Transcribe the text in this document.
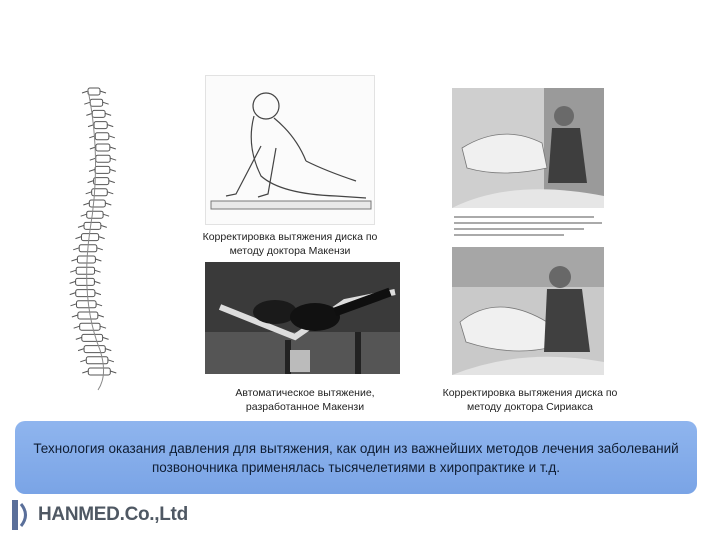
Корректировка вытяжения диска по методу доктора Макензи
Автоматическое вытяжение, разработанное Макензи
Корректировка вытяжения диска по методу доктора Сириакса
Технология оказания давления для вытяжения, как один из важнейших методов лечения заболеваний позвоночника применялась тысячелетиями в хиропрактике и т.д.
HANMED.Co.,Ltd
